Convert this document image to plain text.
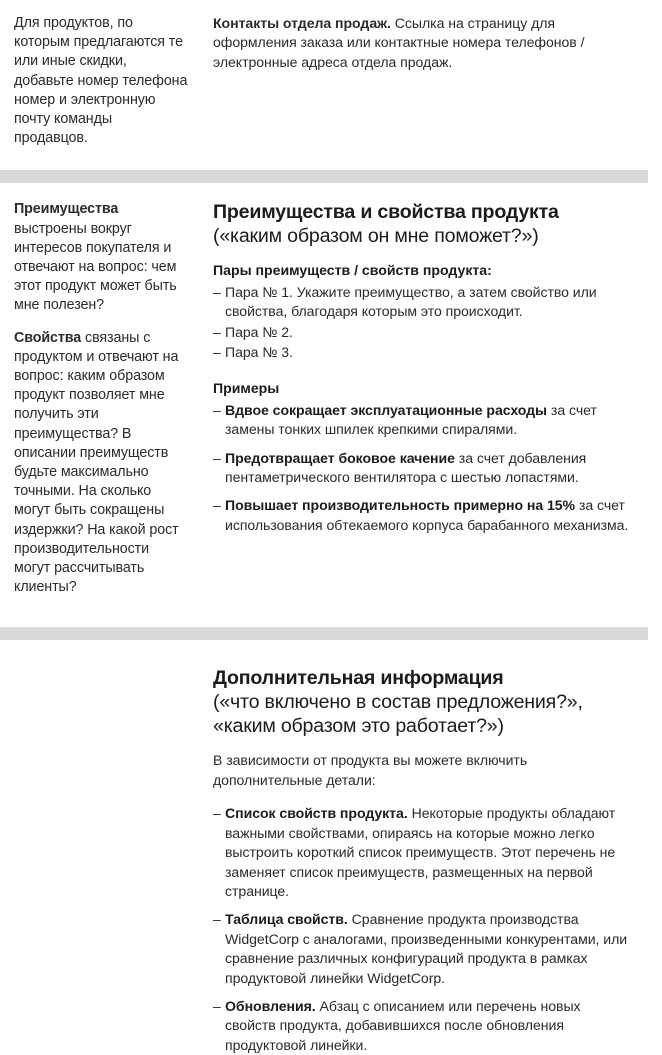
Для продуктов, по которым предлагаются те или иные скидки, добавьте номер телефона номер и электронную почту команды продавцов.

Контакты отдела продаж. Ссылка на страницу для оформления заказа или контактные номера телефонов / электронные адреса отдела продаж.

Преимущества выстроены вокруг интересов покупателя и отвечают на вопрос: чем этот продукт может быть мне полезен?

Свойства связаны с продуктом и отвечают на вопрос: каким образом продукт позволяет мне получить эти преимущества? В описании преимуществ будьте максимально точными. На сколько могут быть сокращены издержки? На какой рост производительности могут рассчитывать клиенты?

Преимущества и свойства продукта
(«каким образом он мне поможет?»)

Пары преимуществ / свойств продукта:

– Пара № 1. Укажите преимущество, а затем свойство или свойства, благодаря которым это происходит.
– Пара № 2.
– Пара № 3.

Примеры

– Вдвое сокращает эксплуатационные расходы за счет замены тонких шпилек крепкими спиралями.
– Предотвращает боковое качение за счет добавления пентаметрического вентилятора с шестью лопастями.
– Повышает производительность примерно на 15% за счет использования обтекаемого корпуса барабанного механизма.
Дополнительная информация
(«что включено в состав предложения?»,
«каким образом это работает?»)

В зависимости от продукта вы можете включить дополнительные детали:

– Список свойств продукта. Некоторые продукты обладают важными свойствами, опираясь на которые можно легко выстроить короткий список преимуществ. Этот перечень не заменяет список преимуществ, размещенных на первой странице.
– Таблица свойств. Сравнение продукта производства WidgetCorp с аналогами, произведенными конкурентами, или сравнение различных конфигураций продукта в рамках продуктовой линейки WidgetCorp.
– Обновления. Абзац с описанием или перечень новых свойств продукта, добавившихся после обновления продуктовой линейки.
